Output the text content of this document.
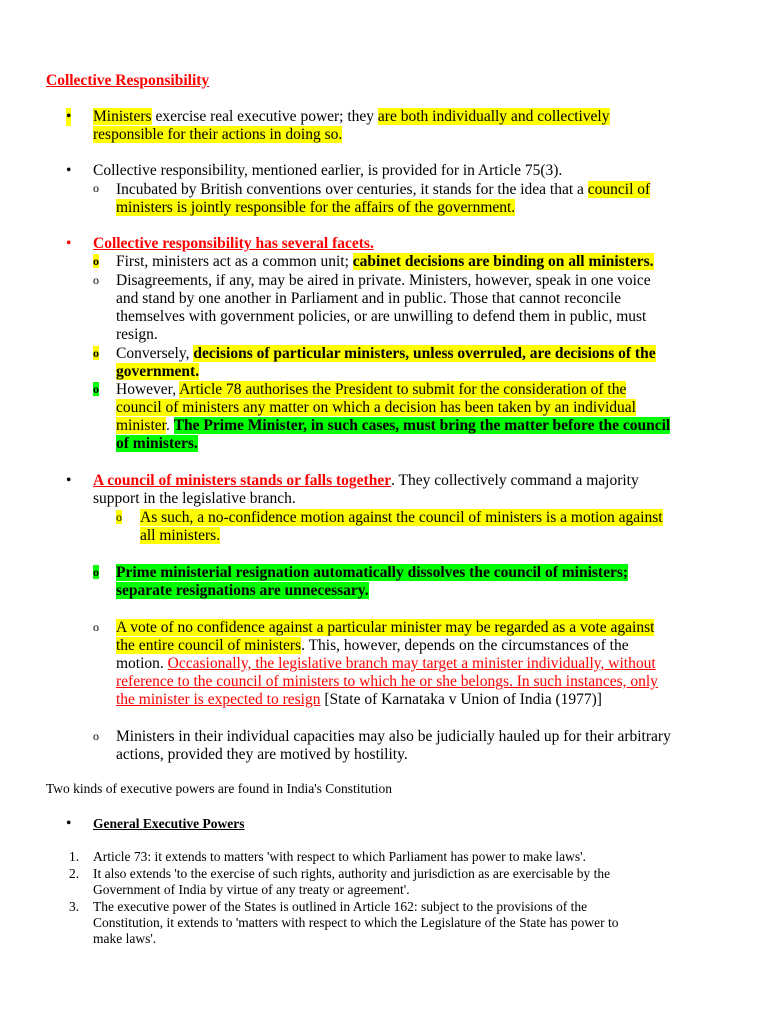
Collective Responsibility
• Ministers exercise real executive power; they are both individually and collectively
responsible for their actions in doing so.
• Collective responsibility, mentioned earlier, is provided for in Article 75(3).
o Incubated by British conventions over centuries, it stands for the idea that a council of
ministers is jointly responsible for the affairs of the government.
• Collective responsibility has several facets.
o First, ministers act as a common unit; cabinet decisions are binding on all ministers.
o Disagreements, if any, may be aired in private. Ministers, however, speak in one voice
and stand by one another in Parliament and in public. Those that cannot reconcile
themselves with government policies, or are unwilling to defend them in public, must
resign.
o Conversely, decisions of particular ministers, unless overruled, are decisions of the
government.
o However, Article 78 authorises the President to submit for the consideration of the
council of ministers any matter on which a decision has been taken by an individual
minister. The Prime Minister, in such cases, must bring the matter before the council
of ministers.
• A council of ministers stands or falls together. They collectively command a majority
support in the legislative branch.
o As such, a no-confidence motion against the council of ministers is a motion against
all ministers.
o Prime ministerial resignation automatically dissolves the council of ministers;
separate resignations are unnecessary.
o A vote of no confidence against a particular minister may be regarded as a vote against
the entire council of ministers. This, however, depends on the circumstances of the
motion. Occasionally, the legislative branch may target a minister individually, without
reference to the council of ministers to which he or she belongs. In such instances, only
the minister is expected to resign [State of Karnataka v Union of India (1977)]
o Ministers in their individual capacities may also be judicially hauled up for their arbitrary
actions, provided they are motived by hostility.
Two kinds of executive powers are found in India's Constitution
• General Executive Powers
1. Article 73: it extends to matters 'with respect to which Parliament has power to make laws'.
2. It also extends 'to the exercise of such rights, authority and jurisdiction as are exercisable by the
Government of India by virtue of any treaty or agreement'.
3. The executive power of the States is outlined in Article 162: subject to the provisions of the
Constitution, it extends to 'matters with respect to which the Legislature of the State has power to
make laws'.
